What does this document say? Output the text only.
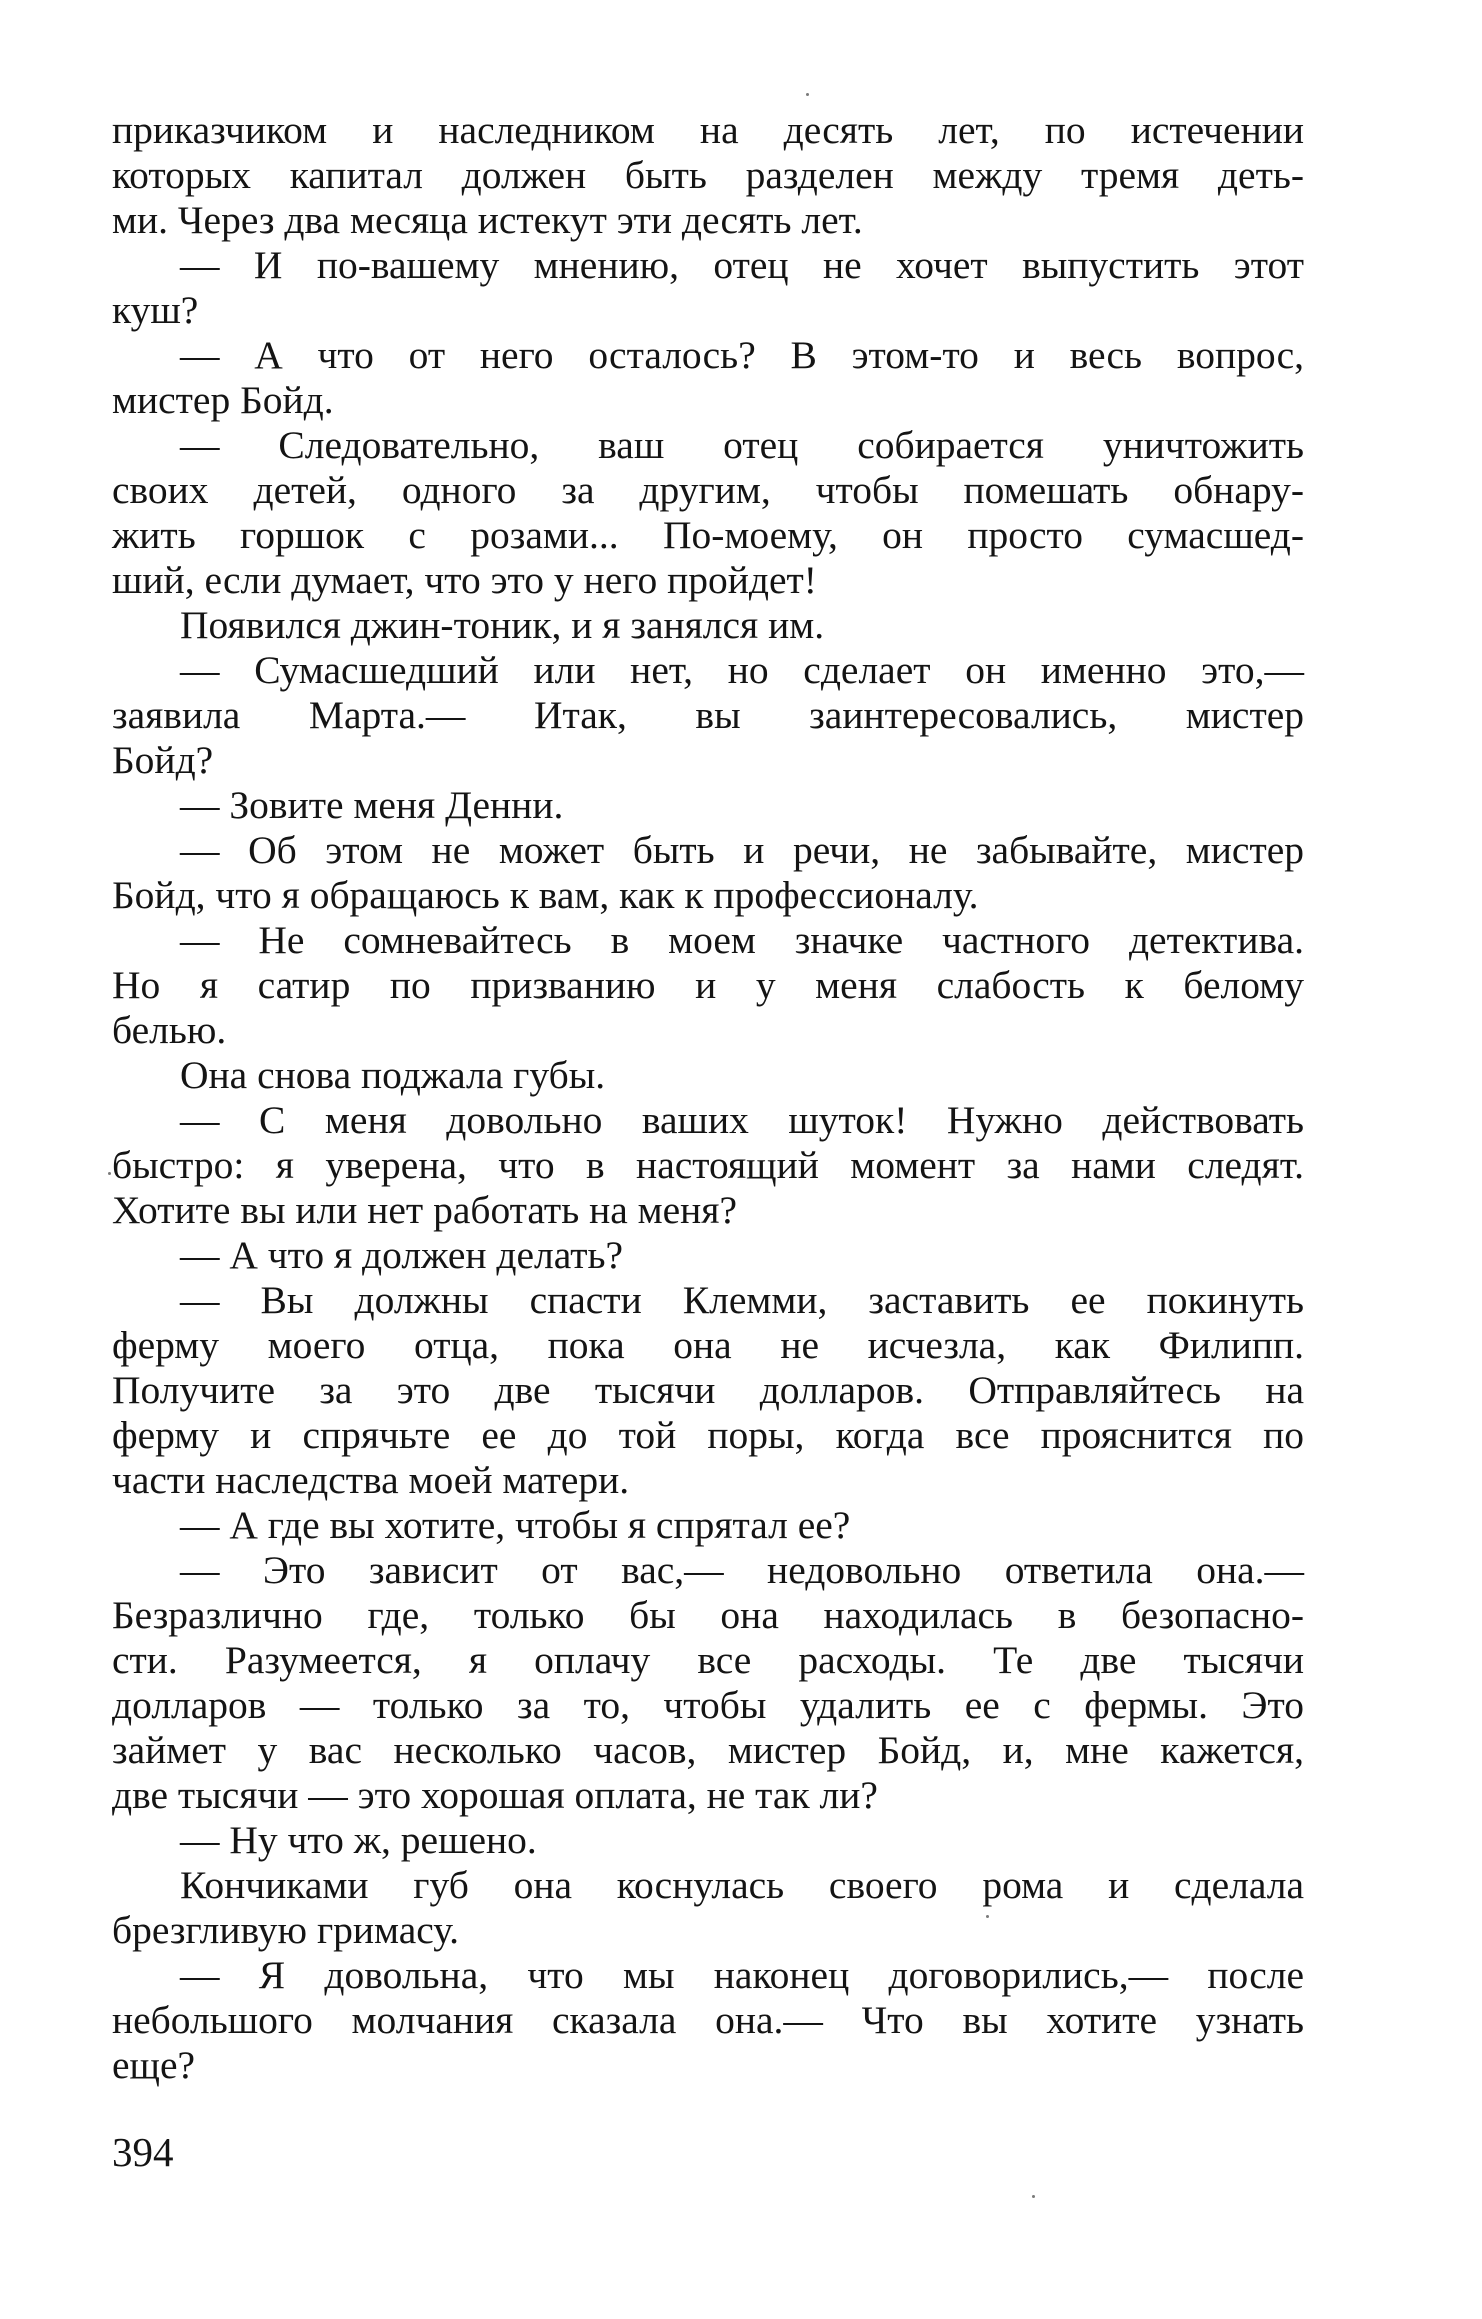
приказчиком и наследником на десять лет, по истечении
которых капитал должен быть разделен между тремя деть-
ми. Через два месяца истекут эти десять лет.
— И по-вашему мнению, отец не хочет выпустить этот
куш?
— А что от него осталось? В этом-то и весь вопрос,
мистер Бойд.
— Следовательно, ваш отец собирается уничтожить
своих детей, одного за другим, чтобы помешать обнару-
жить горшок с розами... По-моему, он просто сумасшед-
ший, если думает, что это у него пройдет!
Появился джин-тоник, и я занялся им.
— Сумасшедший или нет, но сделает он именно это,—
заявила Марта.— Итак, вы заинтересовались, мистер
Бойд?
— Зовите меня Денни.
— Об этом не может быть и речи, не забывайте, мистер
Бойд, что я обращаюсь к вам, как к профессионалу.
— Не сомневайтесь в моем значке частного детектива.
Но я сатир по призванию и у меня слабость к белому
белью.
Она снова поджала губы.
— С меня довольно ваших шуток! Нужно действовать
быстро: я уверена, что в настоящий момент за нами следят.
Хотите вы или нет работать на меня?
— А что я должен делать?
— Вы должны спасти Клемми, заставить ее покинуть
ферму моего отца, пока она не исчезла, как Филипп.
Получите за это две тысячи долларов. Отправляйтесь на
ферму и спрячьте ее до той поры, когда все прояснится по
части наследства моей матери.
— А где вы хотите, чтобы я спрятал ее?
— Это зависит от вас,— недовольно ответила она.—
Безразлично где, только бы она находилась в безопасно-
сти. Разумеется, я оплачу все расходы. Те две тысячи
долларов — только за то, чтобы удалить ее с фермы. Это
займет у вас несколько часов, мистер Бойд, и, мне кажется,
две тысячи — это хорошая оплата, не так ли?
— Ну что ж, решено.
Кончиками губ она коснулась своего рома и сделала
брезгливую гримасу.
— Я довольна, что мы наконец договорились,— после
небольшого молчания сказала она.— Что вы хотите узнать
еще?
394
